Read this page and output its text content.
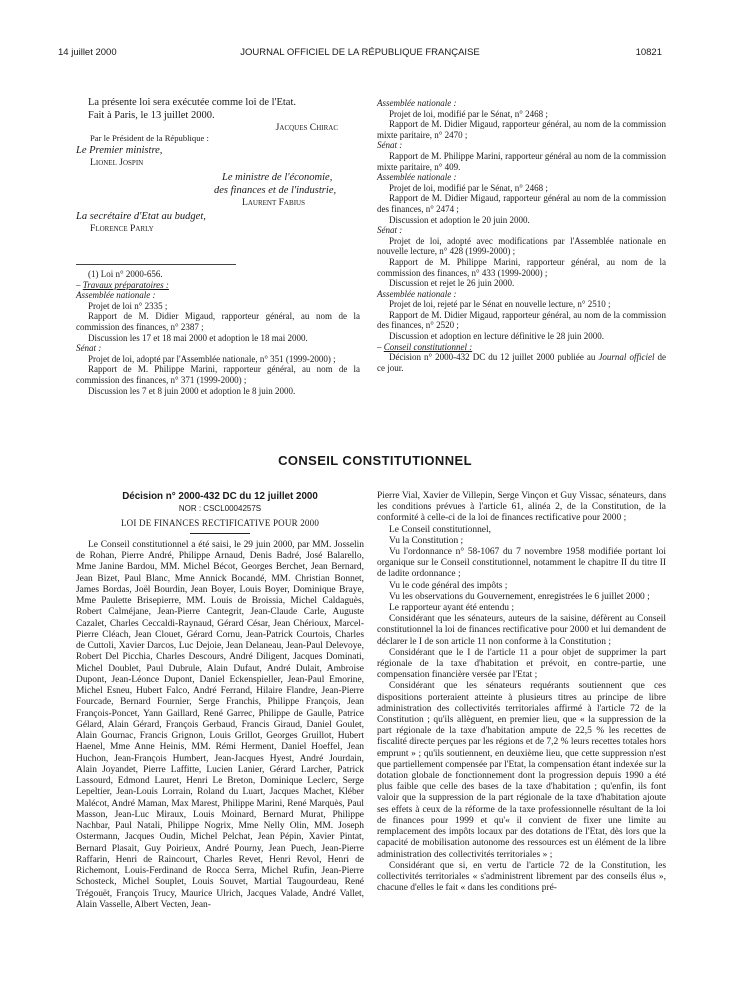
14 juillet 2000	JOURNAL OFFICIEL DE LA RÉPUBLIQUE FRANÇAISE	10821

La présente loi sera exécutée comme loi de l'Etat.

Fait à Paris, le 13 juillet 2000.

Jacques Chirac

Par le Président de la République :

Le Premier ministre,

Lionel Jospin

Le ministre de l'économie,

des finances et de l'industrie,

Laurent Fabius

La secrétaire d'Etat au budget,

Florence Parly

(1) Loi n° 2000-656.

– Travaux préparatoires :

Assemblée nationale :

Projet de loi n° 2335 ;

Rapport de M. Didier Migaud, rapporteur général, au nom de la commission des finances, n° 2387 ;

Discussion les 17 et 18 mai 2000 et adoption le 18 mai 2000.

Sénat :

Projet de loi, adopté par l'Assemblée nationale, n° 351 (1999-2000) ;

Rapport de M. Philippe Marini, rapporteur général, au nom de la commission des finances, n° 371 (1999-2000) ;

Discussion les 7 et 8 juin 2000 et adoption le 8 juin 2000.

Assemblée nationale :

Projet de loi, modifié par le Sénat, n° 2468 ;

Rapport de M. Didier Migaud, rapporteur général, au nom de la commission mixte paritaire, n° 2470 ;

Sénat :

Rapport de M. Philippe Marini, rapporteur général au nom de la commission mixte paritaire, n° 409.

Assemblée nationale :

Projet de loi, modifié par le Sénat, n° 2468 ;

Rapport de M. Didier Migaud, rapporteur général au nom de la commission des finances, n° 2474 ;

Discussion et adoption le 20 juin 2000.

Sénat :

Projet de loi, adopté avec modifications par l'Assemblée nationale en nouvelle lecture, n° 428 (1999-2000) ;

Rapport de M. Philippe Marini, rapporteur général, au nom de la commission des finances, n° 433 (1999-2000) ;

Discussion et rejet le 26 juin 2000.

Assemblée nationale :

Projet de loi, rejeté par le Sénat en nouvelle lecture, n° 2510 ;

Rapport de M. Didier Migaud, rapporteur général, au nom de la commission des finances, n° 2520 ;

Discussion et adoption en lecture définitive le 28 juin 2000.

– Conseil constitutionnel :

Décision n° 2000-432 DC du 12 juillet 2000 publiée au Journal officiel de ce jour.

CONSEIL CONSTITUTIONNEL

Décision n° 2000-432 DC du 12 juillet 2000

NOR : CSCL0004257S

LOI DE FINANCES RECTIFICATIVE POUR 2000

Le Conseil constitutionnel a été saisi, le 29 juin 2000, par MM. Josselin de Rohan, Pierre André, Philippe Arnaud, Denis Badré, José Balarello, Mme Janine Bardou, MM. Michel Bécot, Georges Berchet, Jean Bernard, Jean Bizet, Paul Blanc, Mme Annick Bocandé, MM. Christian Bonnet, James Bordas, Joël Bourdin, Jean Boyer, Louis Boyer, Dominique Braye, Mme Paulette Brisepierre, MM. Louis de Broissia, Michel Caldaguès, Robert Calméjane, Jean-Pierre Cantegrit, Jean-Claude Carle, Auguste Cazalet, Charles Ceccaldi-Raynaud, Gérard César, Jean Chérioux, Marcel-Pierre Cléach, Jean Clouet, Gérard Cornu, Jean-Patrick Courtois, Charles de Cuttoli, Xavier Darcos, Luc Dejoie, Jean Delaneau, Jean-Paul Delevoye, Robert Del Picchia, Charles Descours, André Diligent, Jacques Dominati, Michel Doublet, Paul Dubrule, Alain Dufaut, André Dulait, Ambroise Dupont, Jean-Léonce Dupont, Daniel Eckenspieller, Jean-Paul Emorine, Michel Esneu, Hubert Falco, André Ferrand, Hilaire Flandre, Jean-Pierre Fourcade, Bernard Fournier, Serge Franchis, Philippe François, Jean François-Poncet, Yann Gaillard, René Garrec, Philippe de Gaulle, Patrice Gélard, Alain Gérard, François Gerbaud, Francis Giraud, Daniel Goulet, Alain Gournac, Francis Grignon, Louis Grillot, Georges Gruillot, Hubert Haenel, Mme Anne Heinis, MM. Rémi Herment, Daniel Hoeffel, Jean Huchon, Jean-François Humbert, Jean-Jacques Hyest, André Jourdain, Alain Joyandet, Pierre Laffitte, Lucien Lanier, Gérard Larcher, Patrick Lassourd, Edmond Lauret, Henri Le Breton, Dominique Leclerc, Serge Lepeltier, Jean-Louis Lorrain, Roland du Luart, Jacques Machet, Kléber Malécot, André Maman, Max Marest, Philippe Marini, René Marquès, Paul Masson, Jean-Luc Miraux, Louis Moinard, Bernard Murat, Philippe Nachbar, Paul Natali, Philippe Nogrix, Mme Nelly Olin, MM. Joseph Ostermann, Jacques Oudin, Michel Pelchat, Jean Pépin, Xavier Pintat, Bernard Plasait, Guy Poirieux, André Pourny, Jean Puech, Jean-Pierre Raffarin, Henri de Raincourt, Charles Revet, Henri Revol, Henri de Richemont, Louis-Ferdinand de Rocca Serra, Michel Rufin, Jean-Pierre Schosteck, Michel Souplet, Louis Souvet, Martial Taugourdeau, René Trégouët, François Trucy, Maurice Ulrich, Jacques Valade, André Vallet, Alain Vasselle, Albert Vecten, Jean-

Pierre Vial, Xavier de Villepin, Serge Vinçon et Guy Vissac, sénateurs, dans les conditions prévues à l'article 61, alinéa 2, de la Constitution, de la conformité à celle-ci de la loi de finances rectificative pour 2000 ;

Le Conseil constitutionnel,

Vu la Constitution ;

Vu l'ordonnance n° 58-1067 du 7 novembre 1958 modifiée portant loi organique sur le Conseil constitutionnel, notamment le chapitre II du titre II de ladite ordonnance ;

Vu le code général des impôts ;

Vu les observations du Gouvernement, enregistrées le 6 juillet 2000 ;

Le rapporteur ayant été entendu ;

Considérant que les sénateurs, auteurs de la saisine, défèrent au Conseil constitutionnel la loi de finances rectificative pour 2000 et lui demandent de déclarer le I de son article 11 non conforme à la Constitution ;

Considérant que le I de l'article 11 a pour objet de supprimer la part régionale de la taxe d'habitation et prévoit, en contre-partie, une compensation financière versée par l'Etat ;

Considérant que les sénateurs requérants soutiennent que ces dispositions porteraient atteinte à plusieurs titres au principe de libre administration des collectivités territoriales affirmé à l'article 72 de la Constitution ; qu'ils allèguent, en premier lieu, que « la suppression de la part régionale de la taxe d'habitation ampute de 22,5 % les recettes de fiscalité directe perçues par les régions et de 7,2 % leurs recettes totales hors emprunt » ; qu'ils soutiennent, en deuxième lieu, que cette suppression n'est que partiellement compensée par l'Etat, la compensation étant indexée sur la dotation globale de fonctionnement dont la progression depuis 1990 a été plus faible que celle des bases de la taxe d'habitation ; qu'enfin, ils font valoir que la suppression de la part régionale de la taxe d'habitation ajoute ses effets à ceux de la réforme de la taxe professionnelle résultant de la loi de finances pour 1999 et qu'« il convient de fixer une limite au remplacement des impôts locaux par des dotations de l'Etat, dès lors que la capacité de mobilisation autonome des ressources est un élément de la libre administration des collectivités territoriales » ;

Considérant que si, en vertu de l'article 72 de la Constitution, les collectivités territoriales « s'administrent librement par des conseils élus », chacune d'elles le fait « dans les conditions pré-
